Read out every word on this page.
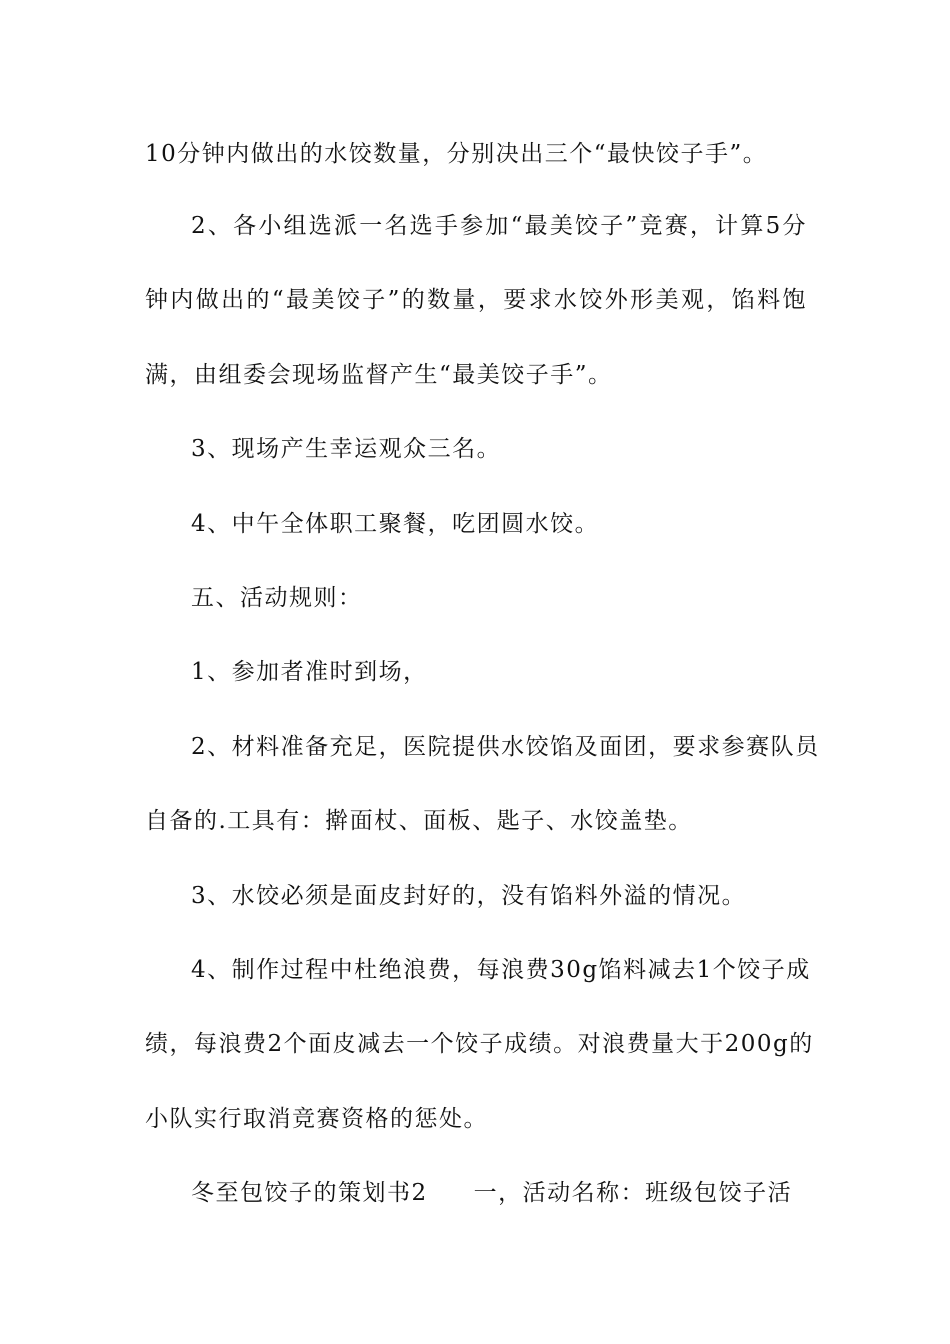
10分钟内做出的水饺数量，分别决出三个“最快饺子手”。
2、各小组选派一名选手参加“最美饺子”竞赛，计算5分
钟内做出的“最美饺子”的数量，要求水饺外形美观，馅料饱
满，由组委会现场监督产生“最美饺子手”。
3、现场产生幸运观众三名。
4、中午全体职工聚餐，吃团圆水饺。
五、活动规则：
1、参加者准时到场，
2、材料准备充足，医院提供水饺馅及面团，要求参赛队员
自备的.工具有：擀面杖、面板、匙子、水饺盖垫。
3、水饺必须是面皮封好的，没有馅料外溢的情况。
4、制作过程中杜绝浪费，每浪费30g馅料减去1个饺子成
绩，每浪费2个面皮减去一个饺子成绩。对浪费量大于200g的
小队实行取消竞赛资格的惩处。
冬至包饺子的策划书2 一，活动名称：班级包饺子活
